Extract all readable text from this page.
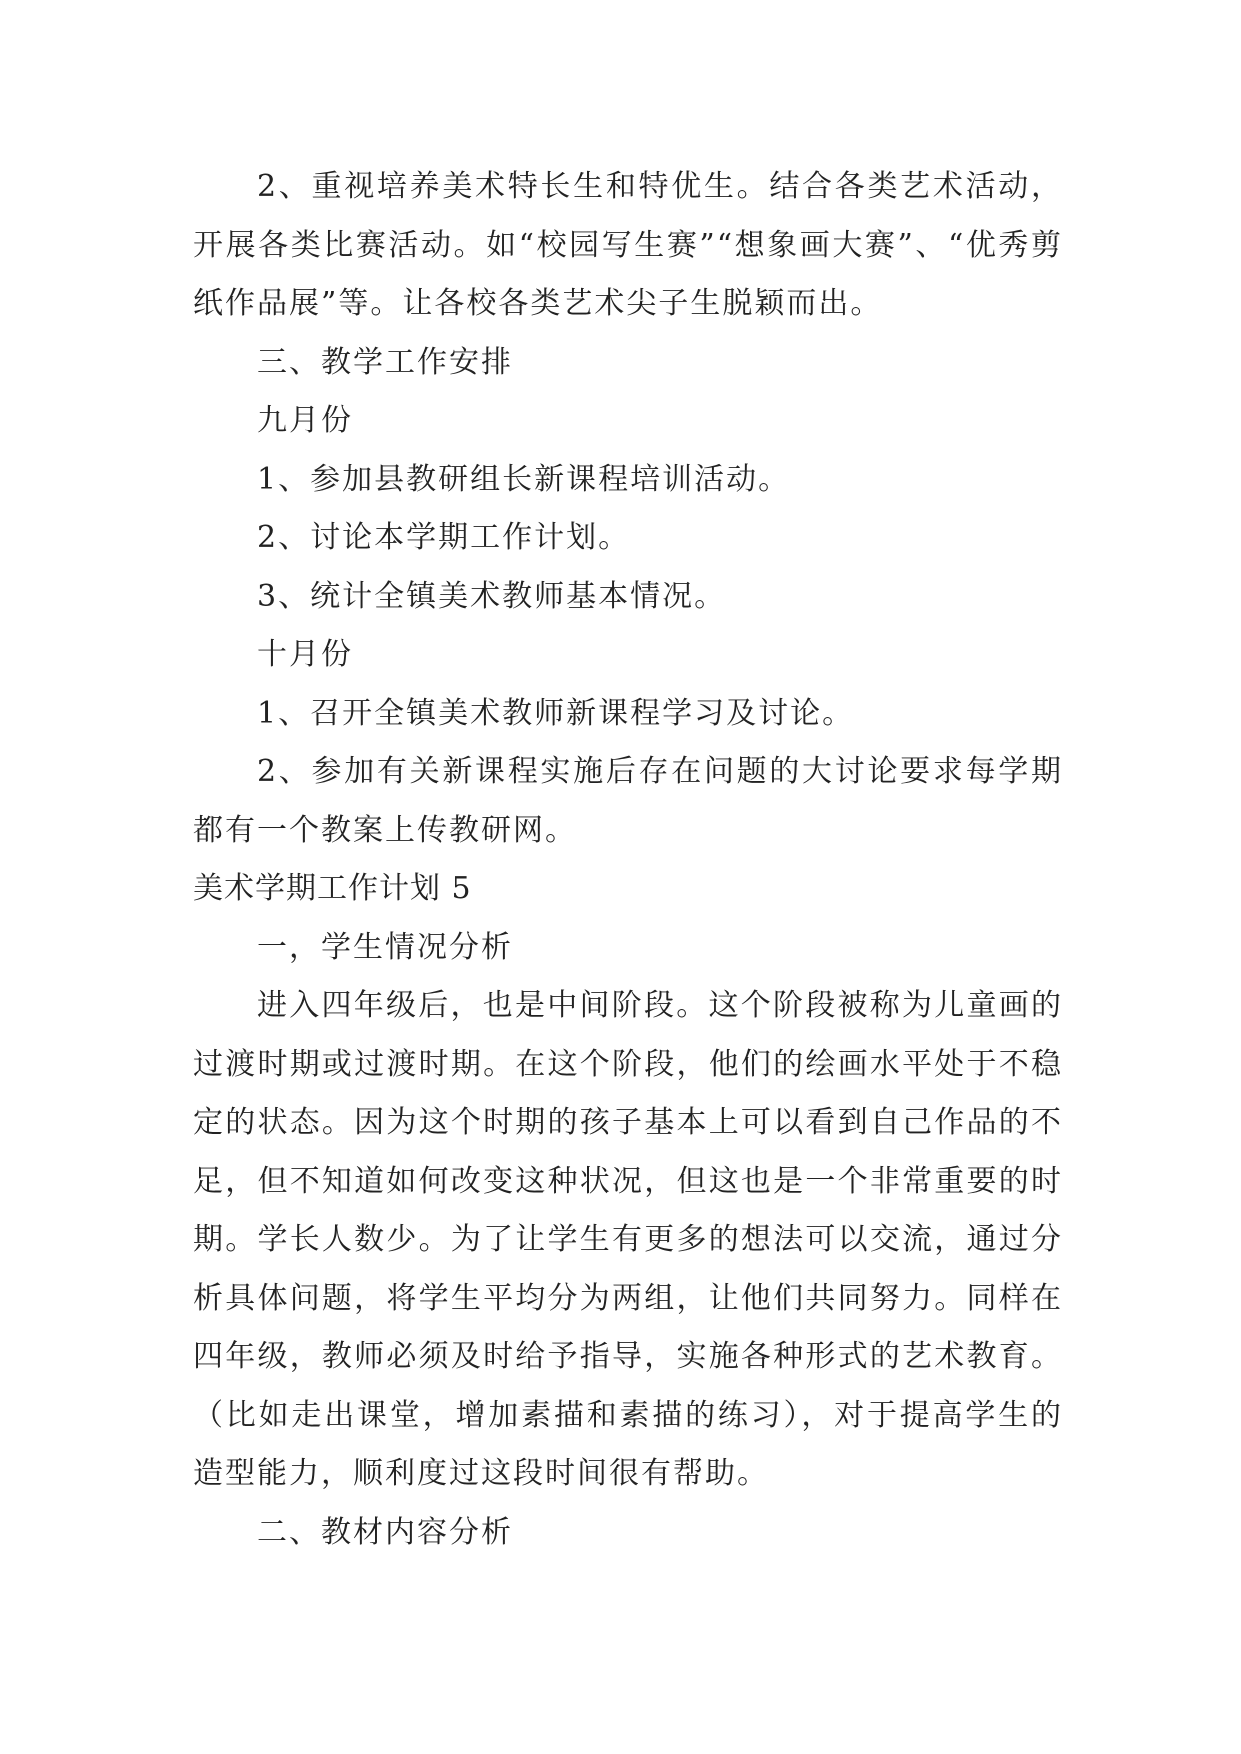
2、重视培养美术特长生和特优生。结合各类艺术活动，开展各类比赛活动。如“校园写生赛”“想象画大赛”、“优秀剪纸作品展”等。让各校各类艺术尖子生脱颖而出。

三、教学工作安排

九月份

1、参加县教研组长新课程培训活动。

2、讨论本学期工作计划。

3、统计全镇美术教师基本情况。

十月份

1、召开全镇美术教师新课程学习及讨论。

2、参加有关新课程实施后存在问题的大讨论要求每学期都有一个教案上传教研网。

美术学期工作计划 5

一，学生情况分析

进入四年级后，也是中间阶段。这个阶段被称为儿童画的过渡时期或过渡时期。在这个阶段，他们的绘画水平处于不稳定的状态。因为这个时期的孩子基本上可以看到自己作品的不足，但不知道如何改变这种状况，但这也是一个非常重要的时期。学长人数少。为了让学生有更多的想法可以交流，通过分析具体问题，将学生平均分为两组，让他们共同努力。同样在四年级，教师必须及时给予指导，实施各种形式的艺术教育。（比如走出课堂，增加素描和素描的练习），对于提高学生的造型能力，顺利度过这段时间很有帮助。

二、教材内容分析
